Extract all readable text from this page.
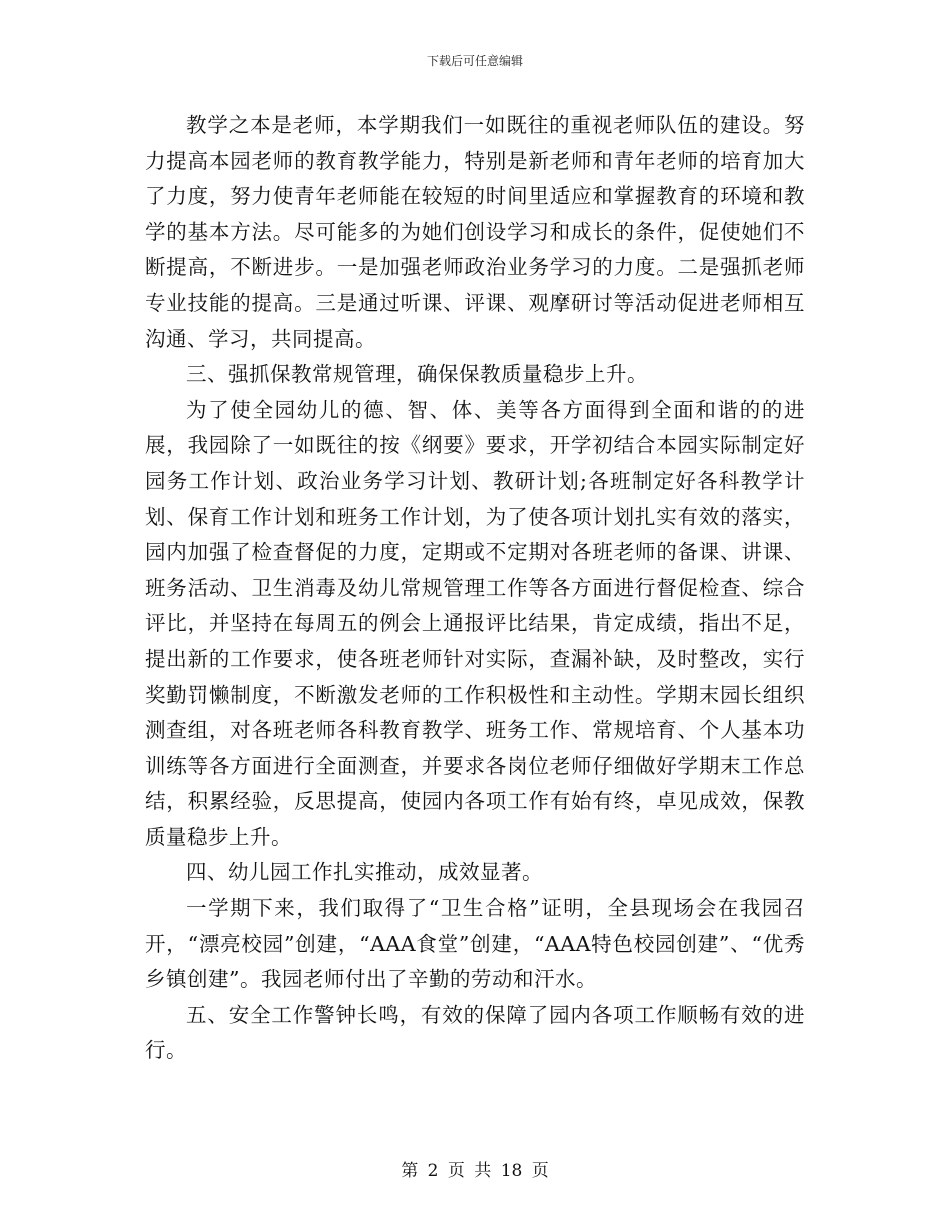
下载后可任意编辑

教学之本是老师，本学期我们一如既往的重视老师队伍的建设。努力提高本园老师的教育教学能力，特别是新老师和青年老师的培育加大了力度，努力使青年老师能在较短的时间里适应和掌握教育的环境和教学的基本方法。尽可能多的为她们创设学习和成长的条件，促使她们不断提高，不断进步。一是加强老师政治业务学习的力度。二是强抓老师专业技能的提高。三是通过听课、评课、观摩研讨等活动促进老师相互沟通、学习，共同提高。

三、强抓保教常规管理，确保保教质量稳步上升。

为了使全园幼儿的德、智、体、美等各方面得到全面和谐的的进展，我园除了一如既往的按《纲要》要求，开学初结合本园实际制定好园务工作计划、政治业务学习计划、教研计划;各班制定好各科教学计划、保育工作计划和班务工作计划，为了使各项计划扎实有效的落实，园内加强了检查督促的力度，定期或不定期对各班老师的备课、讲课、班务活动、卫生消毒及幼儿常规管理工作等各方面进行督促检查、综合评比，并坚持在每周五的例会上通报评比结果，肯定成绩，指出不足，提出新的工作要求，使各班老师针对实际，查漏补缺，及时整改，实行奖勤罚懒制度，不断激发老师的工作积极性和主动性。学期末园长组织测查组，对各班老师各科教育教学、班务工作、常规培育、个人基本功训练等各方面进行全面测查，并要求各岗位老师仔细做好学期末工作总结，积累经验，反思提高，使园内各项工作有始有终，卓见成效，保教质量稳步上升。

四、幼儿园工作扎实推动，成效显著。

一学期下来，我们取得了“卫生合格”证明，全县现场会在我园召开，“漂亮校园”创建，“AAA食堂”创建，“AAA特色校园创建”、“优秀乡镇创建”。我园老师付出了辛勤的劳动和汗水。

五、安全工作警钟长鸣，有效的保障了园内各项工作顺畅有效的进行。

第 2 页 共 18 页
